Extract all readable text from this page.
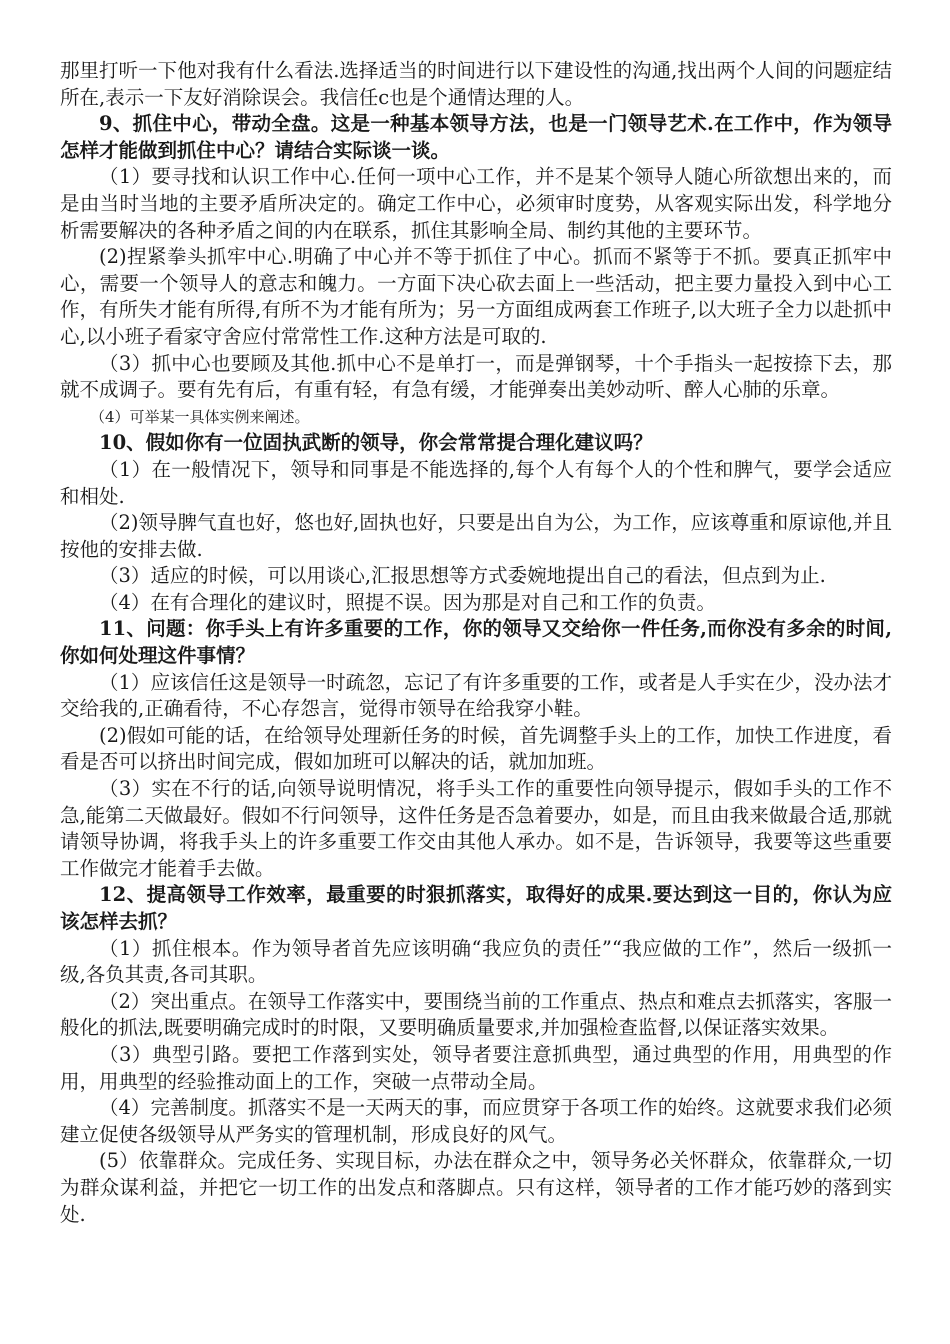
那里打听一下他对我有什么看法.选择适当的时间进行以下建设性的沟通,找出两个人间的问题症结所在,表示一下友好消除误会。我信任c也是个通情达理的人。

9、抓住中心，带动全盘。这是一种基本领导方法，也是一门领导艺术.在工作中，作为领导怎样才能做到抓住中心？请结合实际谈一谈。

（1）要寻找和认识工作中心.任何一项中心工作，并不是某个领导人随心所欲想出来的，而是由当时当地的主要矛盾所决定的。确定工作中心，必须审时度势，从客观实际出发，科学地分析需要解决的各种矛盾之间的内在联系，抓住其影响全局、制约其他的主要环节。

(2)捏紧拳头抓牢中心.明确了中心并不等于抓住了中心。抓而不紧等于不抓。要真正抓牢中心，需要一个领导人的意志和魄力。一方面下决心砍去面上一些活动，把主要力量投入到中心工作，有所失才能有所得,有所不为才能有所为；另一方面组成两套工作班子,以大班子全力以赴抓中心,以小班子看家守舍应付常常性工作.这种方法是可取的.

（3）抓中心也要顾及其他.抓中心不是单打一，而是弹钢琴，十个手指头一起按捺下去，那就不成调子。要有先有后，有重有轻，有急有缓，才能弹奏出美妙动听、醉人心肺的乐章。

（4）可举某一具体实例来阐述。

10、假如你有一位固执武断的领导，你会常常提合理化建议吗？

（1）在一般情况下，领导和同事是不能选择的,每个人有每个人的个性和脾气，要学会适应和相处.

（2)领导脾气直也好，悠也好,固执也好，只要是出自为公，为工作，应该尊重和原谅他,并且按他的安排去做.

（3）适应的时候，可以用谈心,汇报思想等方式委婉地提出自己的看法，但点到为止.

（4）在有合理化的建议时，照提不误。因为那是对自己和工作的负责。

11、问题：你手头上有许多重要的工作，你的领导又交给你一件任务,而你没有多余的时间,你如何处理这件事情？

（1）应该信任这是领导一时疏忽，忘记了有许多重要的工作，或者是人手实在少，没办法才交给我的,正确看待，不心存怨言，觉得市领导在给我穿小鞋。

(2)假如可能的话，在给领导处理新任务的时候，首先调整手头上的工作，加快工作进度，看看是否可以挤出时间完成，假如加班可以解决的话，就加加班。

（3）实在不行的话,向领导说明情况，将手头工作的重要性向领导提示，假如手头的工作不急,能第二天做最好。假如不行问领导，这件任务是否急着要办，如是，而且由我来做最合适,那就请领导协调，将我手头上的许多重要工作交由其他人承办。如不是，告诉领导，我要等这些重要工作做完才能着手去做。

12、提高领导工作效率，最重要的时狠抓落实，取得好的成果.要达到这一目的，你认为应该怎样去抓？

（1）抓住根本。作为领导者首先应该明确“我应负的责任”“我应做的工作”，然后一级抓一级,各负其责,各司其职。

（2）突出重点。在领导工作落实中，要围绕当前的工作重点、热点和难点去抓落实，客服一般化的抓法,既要明确完成时的时限，又要明确质量要求,并加强检查监督,以保证落实效果。

（3）典型引路。要把工作落到实处，领导者要注意抓典型，通过典型的作用，用典型的作用，用典型的经验推动面上的工作，突破一点带动全局。

（4）完善制度。抓落实不是一天两天的事，而应贯穿于各项工作的始终。这就要求我们必须建立促使各级领导从严务实的管理机制，形成良好的风气。

(5）依靠群众。完成任务、实现目标，办法在群众之中，领导务必关怀群众，依靠群众,一切为群众谋利益，并把它一切工作的出发点和落脚点。只有这样，领导者的工作才能巧妙的落到实处.
